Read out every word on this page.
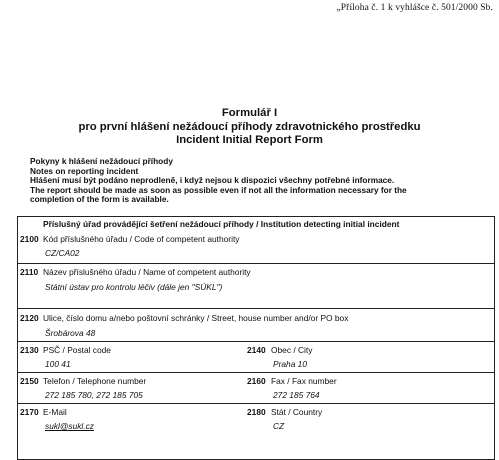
„Příloha č. 1 k vyhlášce č. 501/2000 Sb.
Formulář I
pro první hlášení nežádoucí příhody zdravotnického prostředku
Incident Initial Report Form
Pokyny k hlášení nežádoucí příhody
Notes on reporting incident
Hlášení musí být podáno neprodleně, i když nejsou k dispozici všechny potřebné informace.
The report should be made as soon as possible even if not all the information necessary for the
completion of the form is available.
Příslušný úřad provádějící šetření nežádoucí příhody / Institution detecting initial incident
2100 Kód příslušného úřadu / Code of competent authority
CZ/CA02
2110 Název příslušného úřadu / Name of competent authority
Státní ústav pro kontrolu léčiv (dále jen "SÚKL")
2120 Ulice, číslo domu a/nebo poštovní schránky / Street, house number and/or PO box
Šrobárova 48
2130 PSČ / Postal code
100 41
2140 Obec / City
Praha 10
2150 Telefon / Telephone number
272 185 780, 272 185 705
2160 Fax / Fax number
272 185 764
2170 E-Mail
sukl@sukl.cz
2180 Stát / Country
CZ
